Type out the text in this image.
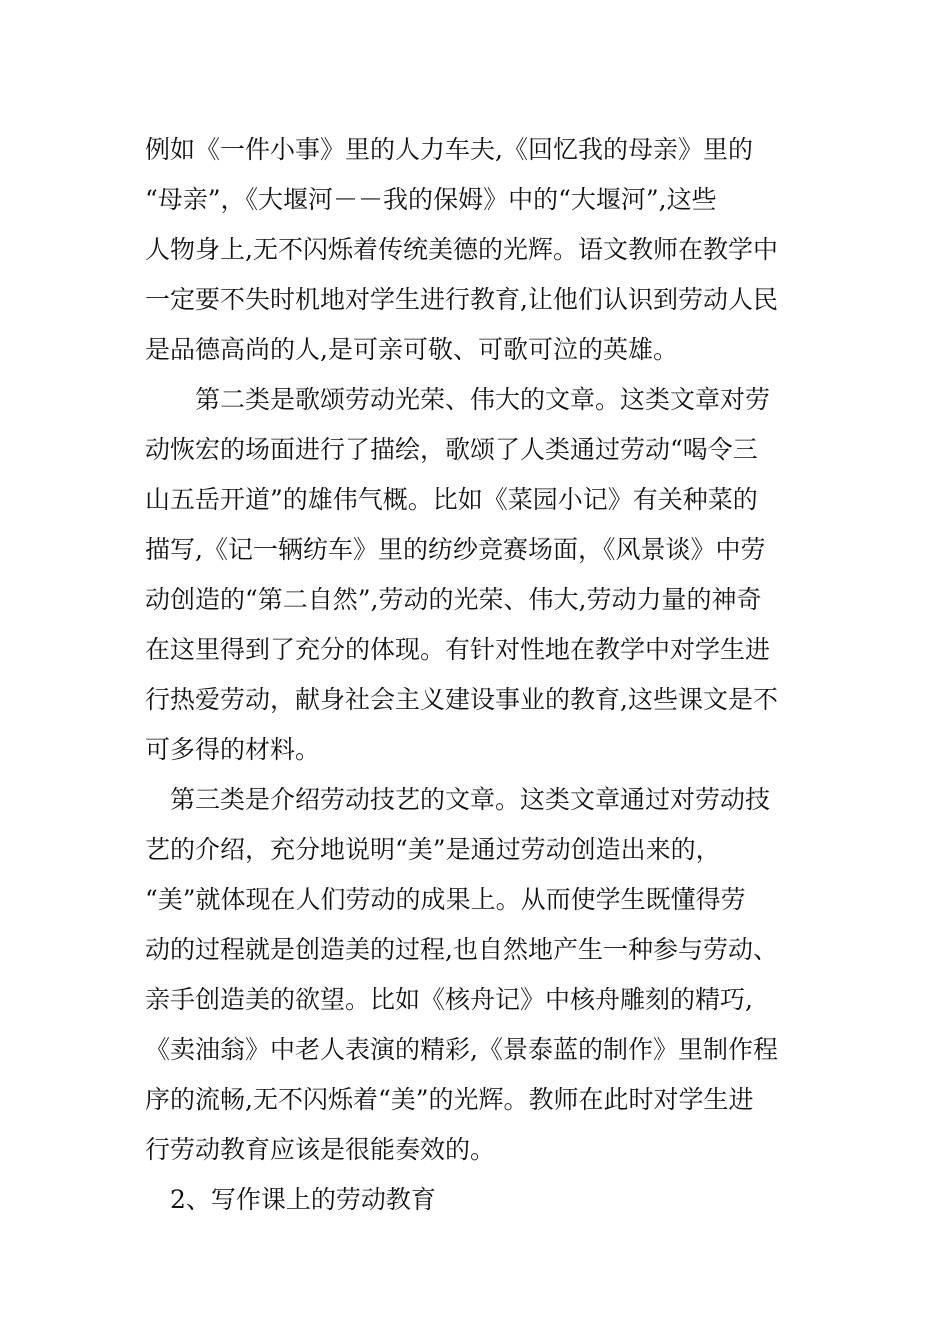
例如《一件小事》里的人力车夫,《回忆我的母亲》里的
“母亲”，《大堰河－－我的保姆》中的“大堰河”,这些
人物身上,无不闪烁着传统美德的光辉。语文教师在教学中
一定要不失时机地对学生进行教育,让他们认识到劳动人民
是品德高尚的人,是可亲可敬、可歌可泣的英雄。
第二类是歌颂劳动光荣、伟大的文章。这类文章对劳
动恢宏的场面进行了描绘，歌颂了人类通过劳动“喝令三
山五岳开道”的雄伟气概。比如《菜园小记》有关种菜的
描写,《记一辆纺车》里的纺纱竞赛场面，《风景谈》中劳
动创造的“第二自然”,劳动的光荣、伟大,劳动力量的神奇
在这里得到了充分的体现。有针对性地在教学中对学生进
行热爱劳动，献身社会主义建设事业的教育,这些课文是不
可多得的材料。
第三类是介绍劳动技艺的文章。这类文章通过对劳动技
艺的介绍，充分地说明“美”是通过劳动创造出来的，
“美”就体现在人们劳动的成果上。从而使学生既懂得劳
动的过程就是创造美的过程,也自然地产生一种参与劳动、
亲手创造美的欲望。比如《核舟记》中核舟雕刻的精巧,
《卖油翁》中老人表演的精彩,《景泰蓝的制作》里制作程
序的流畅,无不闪烁着“美”的光辉。教师在此时对学生进
行劳动教育应该是很能奏效的。
2、写作课上的劳动教育
